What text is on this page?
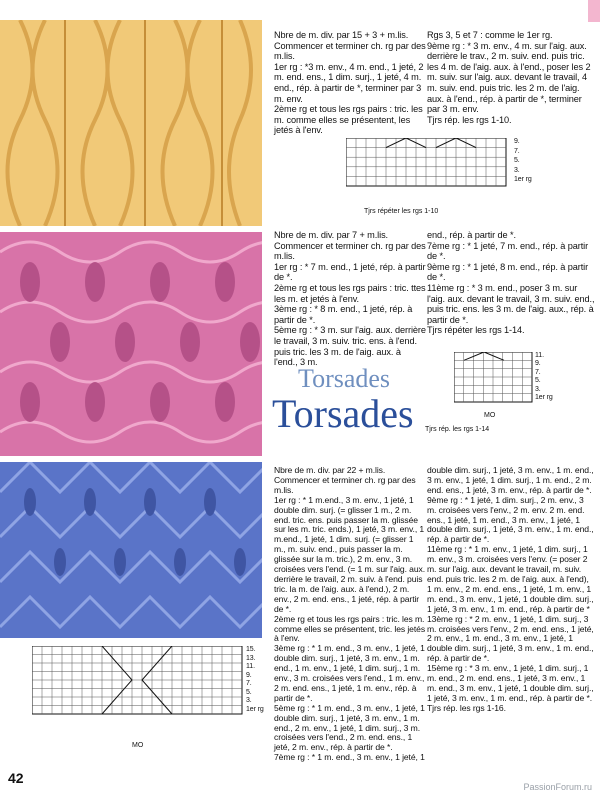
Nbre de m. div. par 15 + 3 + m.lis. Commencer et terminer ch. rg par des m.lis.
1er rg : *3 m. env., 4 m. end., 1 jeté, 2 m. end. ens., 1 dim. surj., 1 jeté, 4 m. end., rép. à partir de *, terminer par 3 m. env.
2ème rg et tous les rgs pairs : tric. les m. comme elles se présentent, les jetés à l'env.
Rgs 3, 5 et 7 : comme le 1er rg.
9ème rg : * 3 m. env., 4 m. sur l'aig. aux. derrière le trav., 2 m. suiv. end. puis tric. les 4 m. de l'aig. aux. à l'end., poser les 2 m. suiv. sur l'aig. aux. devant le travail, 4 m. suiv. end. puis tric. les 2 m. de l'aig. aux. à l'end., rép. à partir de *, terminer par 3 m. env.
Tjrs rép. les rgs 1-10.
9.
7.
5.
3.
1er rg
Tjrs répéter les rgs 1-10
Nbre de m. div. par 7 + m.lis. Commencer et terminer ch. rg par des m.lis.
1er rg : * 7 m. end., 1 jeté, rép. à partir de *.
2ème rg et tous les rgs pairs : tric. ttes les m. et jetés à l'env.
3ème rg : * 8 m. end., 1 jeté, rép. à partir de *.
5ème rg : * 3 m. sur l'aig. aux. derrière le travail, 3 m. suiv. tric. ens. à l'end. puis tric. les 3 m. de l'aig. aux. à l'end., 3 m.
end., rép. à partir de *.
7ème rg : * 1 jeté, 7 m. end., rép. à partir de *.
9ème rg : * 1 jeté, 8 m. end., rép. à partir de *.
11ème rg : * 3 m. end., poser 3 m. sur l'aig. aux. devant le travail, 3 m. suiv. end., puis tric. ens. les 3 m. de l'aig. aux., rép. à partir de *.
Tjrs répéter les rgs 1-14.
MO
11.
9.
7.
5.
3.
1er rg
Tjrs rép. les rgs 1-14
Torsades
Torsades
15.
13.
11.
9.
7.
5.
3.
1er rg
MO
Nbre de m. div. par 22 + m.lis. Commencer et terminer ch. rg par des m.lis.
1er rg : * 1 m.end., 3 m. env., 1 jeté, 1 double dim. surj. (= glisser 1 m., 2 m. end. tric. ens. puis passer la m. glissée sur les m. tric. ends.), 1 jeté, 3 m. env., 1 m.end., 1 jeté, 1 dim. surj. (= glisser 1 m., m. suiv. end., puis passer la m. glissée sur la m. tric.), 2 m. env., 3 m. croisées vers l'end. (= 1 m. sur l'aig. aux. derrière le travail, 2 m. suiv. à l'end. puis tric. la m. de l'aig. aux. à l'end.), 2 m. env., 2 m. end. ens., 1 jeté, rép. à partir de *.
2ème rg et tous les rgs pairs : tric. les m. comme elles se présentent, tric. les jetés à l'env.
3ème rg : * 1 m. end., 3 m. env., 1 jeté, 1 double dim. surj., 1 jeté, 3 m. env., 1 m. end., 1 m. env., 1 jeté, 1 dim. surj., 1 m. env., 3 m. croisées vers l'end., 1 m. env., 2 m. end. ens., 1 jeté, 1 m. env., rép. à partir de *.
5ème rg : * 1 m. end., 3 m. env., 1 jeté, 1 double dim. surj., 1 jeté, 3 m. env., 1 m. end., 2 m. env., 1 jeté, 1 dim. surj., 3 m. croisées vers l'end., 2 m. end. ens., 1 jeté, 2 m. env., rép. à partir de *.
7ème rg : * 1 m. end., 3 m. env., 1 jeté, 1
double dim. surj., 1 jeté, 3 m. env., 1 m. end., 3 m. env., 1 jeté, 1 dim. surj., 1 m. end., 2 m. end. ens., 1 jeté, 3 m. env., rép. à partir de *.
9ème rg : * 1 jeté, 1 dim. surj., 2 m. env., 3 m. croisées vers l'env., 2 m. env. 2 m. end. ens., 1 jeté, 1 m. end., 3 m. env., 1 jeté, 1 double dim. surj., 1 jeté, 3 m. env., 1 m. end., rép. à partir de *.
11ème rg : * 1 m. env., 1 jeté, 1 dim. surj., 1 m. env., 3 m. croisées vers l'env. (= poser 2 m. sur l'aig. aux. devant le travail, m. suiv. end. puis tric. les 2 m. de l'aig. aux. à l'end), 1 m. env., 2 m. end. ens., 1 jeté, 1 m. env., 1 m. end., 3 m. env., 1 jeté, 1 double dim. surj., 1 jeté, 3 m. env., 1 m. end., rép. à partir de *
13ème rg : * 2 m. env., 1 jeté, 1 dim. surj., 3 m. croisées vers l'env., 2 m. end. ens., 1 jeté, 2 m. env., 1 m. end., 3 m. env., 1 jeté, 1 double dim. surj., 1 jeté, 3 m. env., 1 m. end., rép. à partir de *.
15ème rg : * 3 m. env., 1 jeté, 1 dim. surj., 1 m. end., 2 m. end. ens., 1 jeté, 3 m. env., 1 m. end., 3 m. env., 1 jeté, 1 double dim. surj., 1 jeté, 3 m. env., 1 m. end., rép. à partir de *.
Tjrs rép. les rgs 1-16.
42
PassionForum.ru
